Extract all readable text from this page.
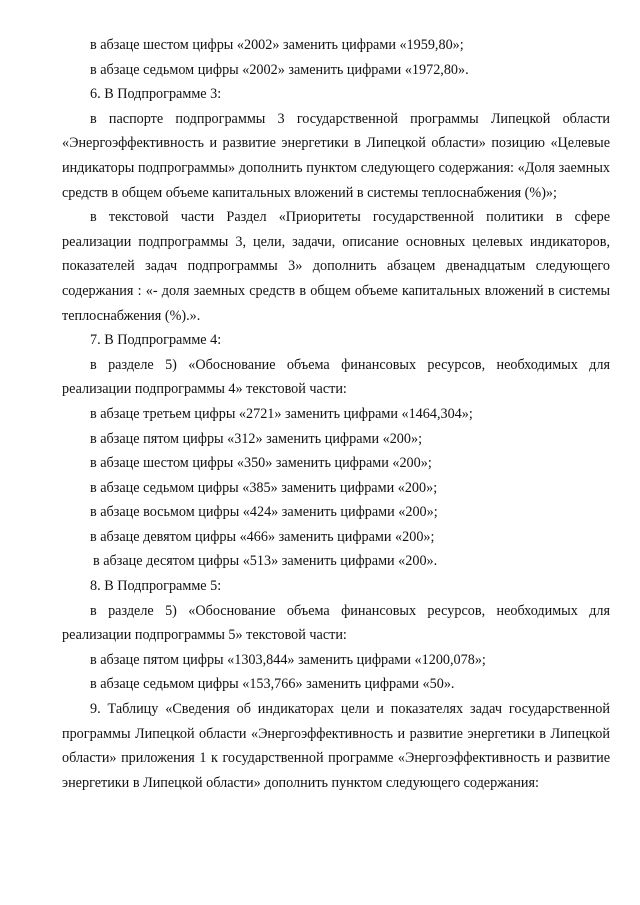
в абзаце шестом цифры «2002» заменить цифрами «1959,80»;

в абзаце седьмом цифры «2002» заменить цифрами «1972,80».

6. В Подпрограмме 3:

в паспорте подпрограммы 3 государственной программы Липецкой области «Энергоэффективность и развитие энергетики в Липецкой области» позицию «Целевые индикаторы подпрограммы» дополнить пунктом следующего содержания: «Доля заемных средств в общем объеме капитальных вложений в системы теплоснабжения (%)»;

в текстовой части Раздел «Приоритеты государственной политики в сфере реализации подпрограммы 3, цели, задачи, описание основных целевых индикаторов, показателей задач подпрограммы 3» дополнить абзацем двенадцатым следующего содержания : «- доля заемных средств в общем объеме капитальных вложений в системы теплоснабжения (%).».

7. В Подпрограмме 4:

в разделе 5) «Обоснование объема финансовых ресурсов, необходимых для реализации подпрограммы 4» текстовой части:

в абзаце третьем цифры «2721» заменить цифрами «1464,304»;

в абзаце пятом цифры «312» заменить цифрами «200»;

в абзаце шестом цифры «350» заменить цифрами «200»;

в абзаце седьмом цифры «385» заменить цифрами «200»;

в абзаце восьмом цифры «424» заменить цифрами «200»;

в абзаце девятом цифры «466» заменить цифрами «200»;

в абзаце десятом цифры «513» заменить цифрами «200».

8. В Подпрограмме 5:

в разделе 5) «Обоснование объема финансовых ресурсов, необходимых для реализации подпрограммы 5» текстовой части:

в абзаце пятом цифры «1303,844» заменить цифрами «1200,078»;

в абзаце седьмом цифры «153,766» заменить цифрами «50».

9. Таблицу «Сведения об индикаторах цели и показателях задач государственной программы Липецкой области «Энергоэффективность и развитие энергетики в Липецкой области» приложения 1 к государственной программе «Энергоэффективность и развитие энергетики в Липецкой области» дополнить пунктом следующего содержания:
